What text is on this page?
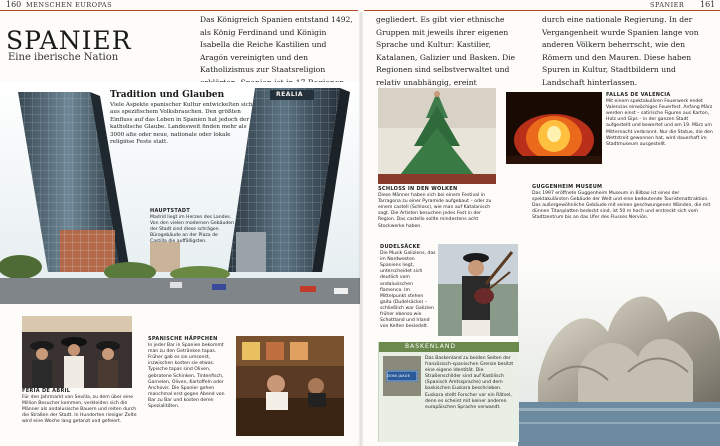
160 MENSCHEN EUROPAS	SPANIER 161
SPANIER
Eine iberische Nation
Das Königreich Spanien entstand 1492, als König Ferdinand und Königin Isabella die Reiche Kastilien und Aragón vereinigten und den Katholizismus zur Staatsreligion
gegliedert. Es gibt vier ethnische Gruppen mit jeweils ihrer eigenen Sprache und Kultur: Kastilier, Katalanen, Galizier und Basken. Die Regionen sind selbstverwaltet und relativ unabhängig, ereint
durch eine nationale Regierung. In der Vergangenheit wurde Spanien lange von anderen Völkern beherrscht, wie den Römern und den Mauren. Diese haben Spuren in Kultur, Stadtbildern und Landschaft hinterlassen.
REALIA
Tradition und Glauben
Viele Aspekte spanischer Kultur entwickelten sich aus spezifischem Volksbrauchen. Den größten Einfluss auf das Leben in Spanien hat jedoch der katholische Glaube. Landesweit finden mehr als 3000 alte oder neue, nationale oder lokale religiöse Feste statt.
HAUPTSTADT
Madrid liegt im Herzen des Landes. Von den vielen modernen Gebäuden der Stadt sind diese schrägen Bürogebäude an der Plaza de Castilla die auffälligsten.
FERIA DE ABRIL
Für den Jahrmarkt von Sevilla, zu dem über eine Million Besucher kommen, verkleiden sich die Männer als andalusische Bauern und reiten durch die Straßen der Stadt. In Hunderten riesiger Zelte wird eine Woche lang getanzt und gefeiert.
SPANISCHE HÄPPCHEN
In jeder Bar in Spanien bekommt man zu den Getränken tapas. Früher gab es sie umsonst, inzwischen kosten sie etwas. Typische tapas sind Oliven, gebratene Schinken, Tintenfisch, Garnelen, Oliven, Kartoffeln oder Anchovis. Die Spanier gehen manchmal erst gegen Abend von Bar zu Bar und kosten deren Spezialitäten.
SCHLOSS IN DEN WOLKEN
Diese Männer haben sich bei einem Festival in Tarragona zu einer Pyramide aufgebaut – oder zu einem castell (Schloss), wie man auf Katalanisch sagt. Die Artisten besuchen jedes Fest in der Region. Das castello sollte mindestens acht Stockwerke haben.
FALLAS DE VALENCIA
Mit einem spektakulären Feuerwerk endet Valencias einwöchiges Feuerfest. Anfang März werden einst – satirische Figuren aus Karton, Holz und Gips – in der ganzen Stadt aufgestellt und bewertet und am 19. März um Mitternacht verbrannt. Nur die Statue, die den Wettstreit gewonnen hat, wird dauerhaft im Stadtmuseum ausgestellt.
GUGGENHEIM MUSEUM
Das 1997 eröffnete Guggenheim Museum in Bilbao ist eines der spektakulärsten Gebäude der Welt und eine bedeutende Touristenattraktion. Das außergewöhnliche Gebäude mit seinen geschwungenen Wänden, die mit dünnen Titanplatten bedeckt sind, ist 50 m hoch und erstreckt sich vom Stadtzentrum bis an das Ufer des Flusses Nervión.
DUDELSÄCKE
Die Musik Galiziens, das im Nordwesten Spaniens liegt, unterscheidet sich deutlich vom andalusischen flamenco. Im Mittelpunkt stehen gaita (Dudelsäcke) – schließlich war Galizien früher ebenso wie Schottland und Irland von Kelten besiedelt.
BASKENLAND
DONI JAKUE
Das Baskenland zu beiden Seiten der französisch-spanischen Grenze besitzt eine eigene Identität. Die Straßenschilder sind auf Kastilisch (Spanisch Amtssprache) und dem baskischen Euskara beschrieben. Euskara stellt Forscher vor ein Rätsel, denn es scheint mit keiner anderen europäischen Sprache verwandt.
